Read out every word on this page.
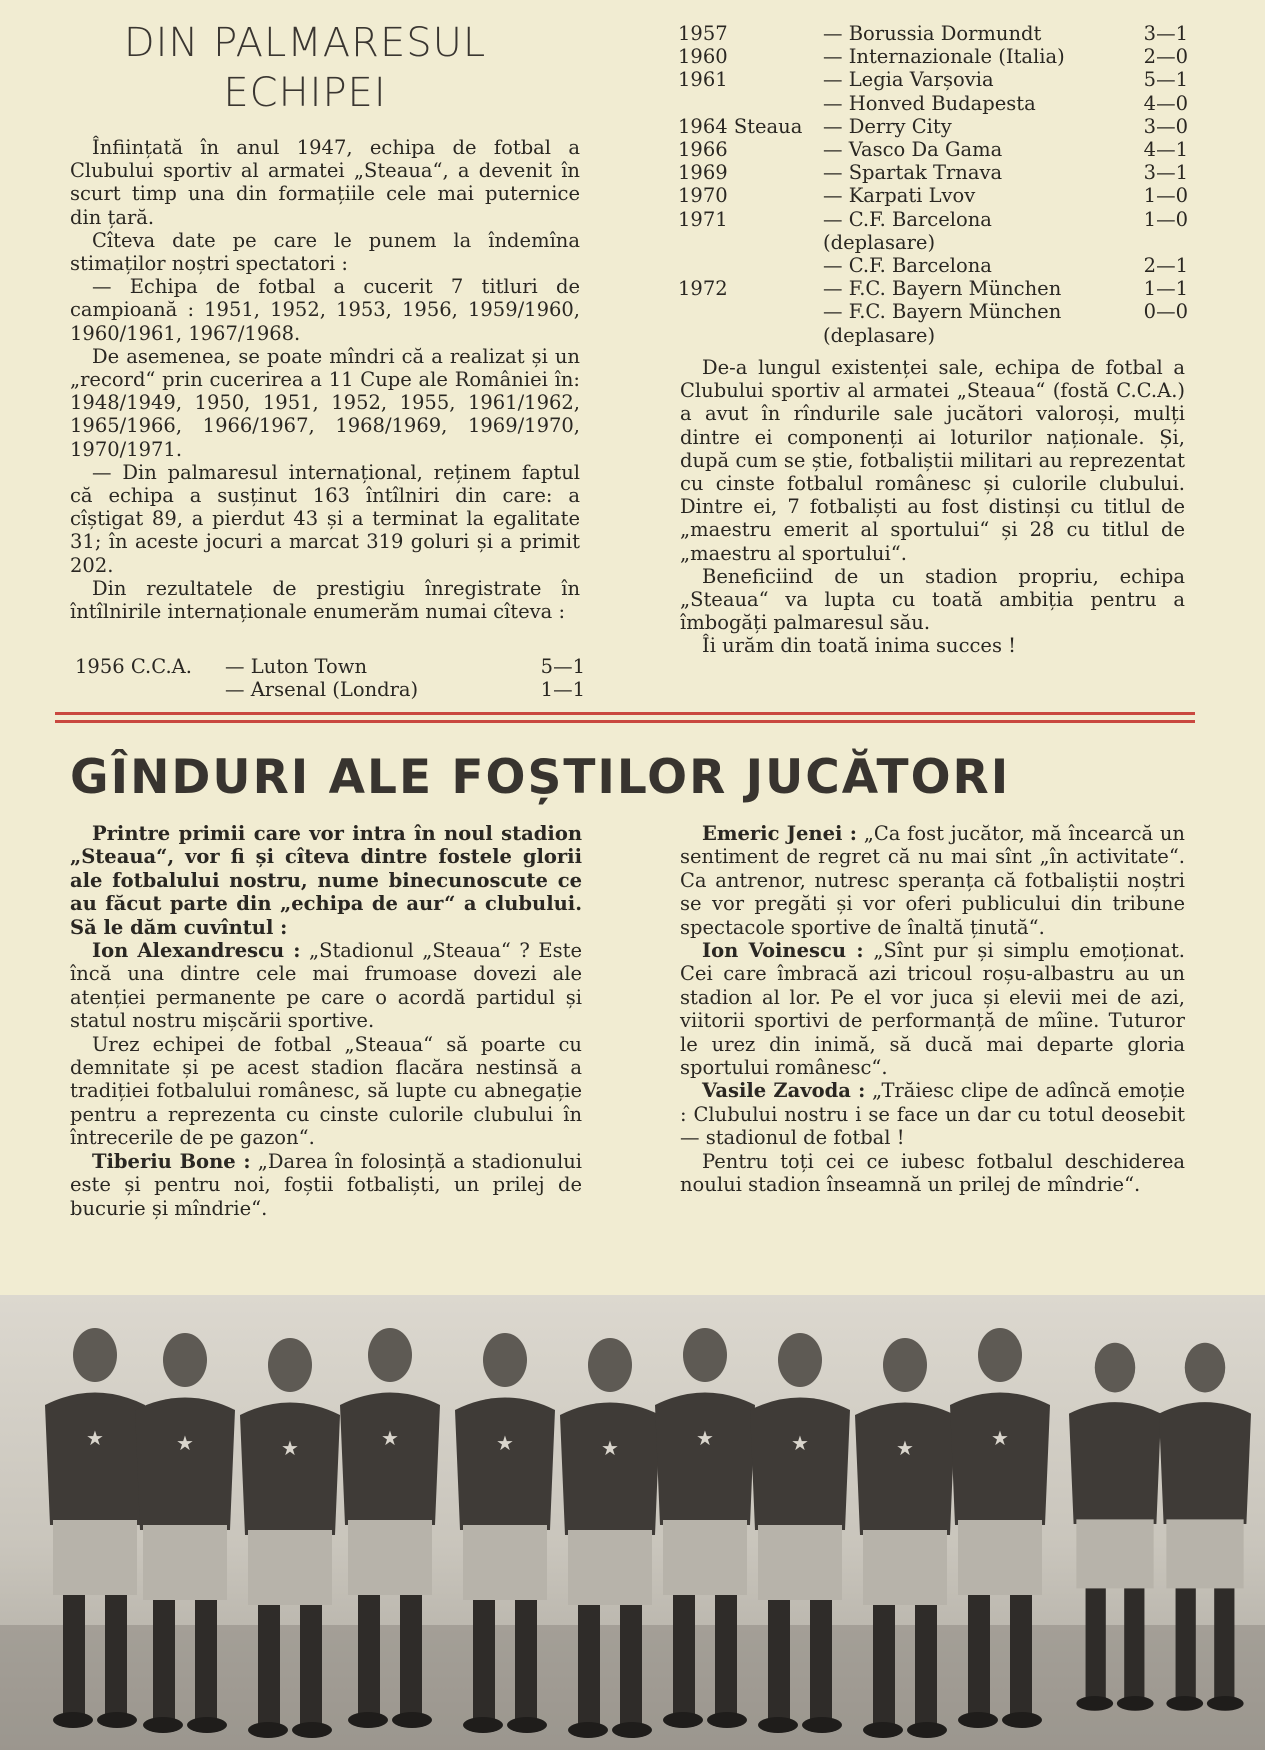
DIN PALMARESUL
ECHIPEI

Înființată în anul 1947, echipa de fotbal a Clubului sportiv al armatei „Steaua“, a devenit în scurt timp una din formațiile cele mai puternice din țară.

Cîteva date pe care le punem la îndemîna stimaților noștri spectatori :

— Echipa de fotbal a cucerit 7 titluri de campioană : 1951, 1952, 1953, 1956, 1959/1960, 1960/1961, 1967/1968.

De asemenea, se poate mîndri că a realizat și un „record“ prin cucerirea a 11 Cupe ale României în: 1948/1949, 1950, 1951, 1952, 1955, 1961/1962, 1965/1966, 1966/1967, 1968/1969, 1969/1970, 1970/1971.

— Din palmaresul internațional, reținem faptul că echipa a susținut 163 întîlniri din care: a cîștigat 89, a pierdut 43 și a terminat la egalitate 31; în aceste jocuri a marcat 319 goluri și a primit 202.

Din rezultatele de prestigiu înregistrate în întîlnirile internaționale enumerăm numai cîteva :

1956 C.C.A.	— Luton Town	5—1
	— Arsenal (Londra)	1—1
1957	— Borussia Dormundt	3—1
1960	— Internazionale (Italia)	2—0
1961	— Legia Varșovia	5—1
	— Honved Budapesta	4—0
1964 Steaua	— Derry City	3—0
1966	— Vasco Da Gama	4—1
1969	— Spartak Trnava	3—1
1970	— Karpati Lvov	1—0
1971	— C.F. Barcelona	1—0
	(deplasare)	
	— C.F. Barcelona	2—1
1972	— F.C. Bayern München	1—1
	— F.C. Bayern München	0—0
	(deplasare)	

De-a lungul existenței sale, echipa de fotbal a Clubului sportiv al armatei „Steaua“ (fostă C.C.A.) a avut în rîndurile sale jucători valoroși, mulți dintre ei componenți ai loturilor naționale. Și, după cum se știe, fotbaliștii militari au reprezentat cu cinste fotbalul românesc și culorile clubului. Dintre ei, 7 fotbaliști au fost distinși cu titlul de „maestru emerit al sportului“ și 28 cu titlul de „maestru al sportului“.

Beneficiind de un stadion propriu, echipa „Steaua“ va lupta cu toată ambiția pentru a îmbogăți palmaresul său.

Îi urăm din toată inima succes !

GÎNDURI ALE FOȘTILOR JUCĂTORI

Printre primii care vor intra în noul stadion „Steaua“, vor fi și cîteva dintre fostele glorii ale fotbalului nostru, nume binecunoscute ce au făcut parte din „echipa de aur“ a clubului. Să le dăm cuvîntul :

Ion Alexandrescu : „Stadionul „Steaua“ ? Este încă una dintre cele mai frumoase dovezi ale atenției permanente pe care o acordă partidul și statul nostru mișcării sportive.

Urez echipei de fotbal „Steaua“ să poarte cu demnitate și pe acest stadion flacăra nestinsă a tradiției fotbalului românesc, să lupte cu abnegație pentru a reprezenta cu cinste culorile clubului în întrecerile de pe gazon“.

Tiberiu Bone : „Darea în folosință a stadionului este și pentru noi, foștii fotbaliști, un prilej de bucurie și mîndrie“.

Emeric Jenei : „Ca fost jucător, mă încearcă un sentiment de regret că nu mai sînt „în activitate“. Ca antrenor, nutresc speranța că fotbaliștii noștri se vor pregăti și vor oferi publicului din tribune spectacole sportive de înaltă ținută“.

Ion Voinescu : „Sînt pur și simplu emoționat. Cei care îmbracă azi tricoul roșu-albastru au un stadion al lor. Pe el vor juca și elevii mei de azi, viitorii sportivi de performanță de mîine. Tuturor le urez din inimă, să ducă mai departe gloria sportului românesc“.

Vasile Zavoda : „Trăiesc clipe de adîncă emoție : Clubului nostru i se face un dar cu totul deosebit — stadionul de fotbal !

Pentru toți cei ce iubesc fotbalul deschiderea noului stadion înseamnă un prilej de mîndrie“.

★	★	★	★	★	★	★	★	★	★
